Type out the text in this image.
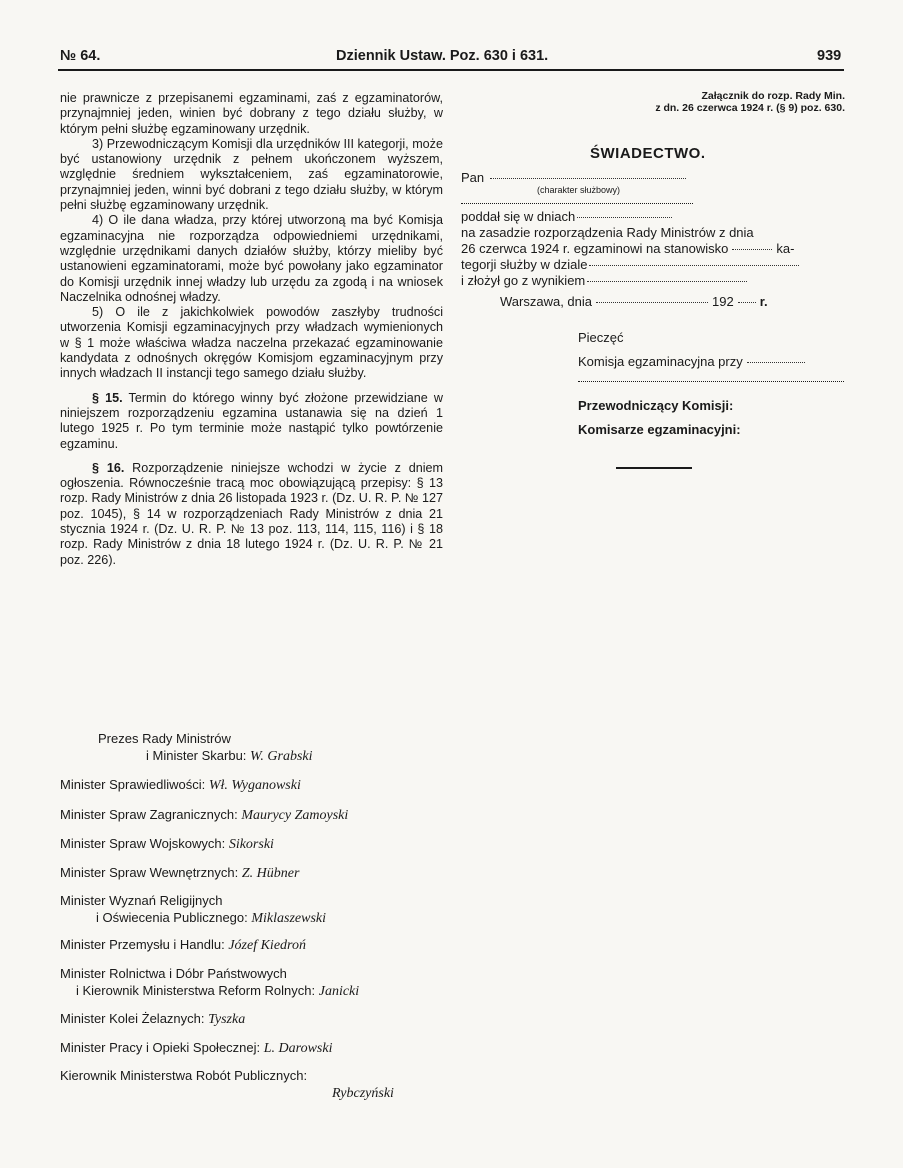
№ 64.	Dziennik Ustaw. Poz. 630 i 631.	939

nie prawnicze z przepisanemi egzaminami, zaś z egzaminatorów, przynajmniej jeden, winien być dobrany z tego działu służby, w którym pełni służbę egzaminowany urzędnik.

3) Przewodniczącym Komisji dla urzędników III kategorji, może być ustanowiony urzędnik z pełnem ukończonem wyższem, względnie średniem wykształceniem, zaś egzaminatorowie, przynajmniej jeden, winni być dobrani z tego działu służby, w którym pełni służbę egzaminowany urzędnik.

4) O ile dana władza, przy której utworzoną ma być Komisja egzaminacyjna nie rozporządza odpowiedniemi urzędnikami, względnie urzędnikami danych działów służby, którzy mieliby być ustanowieni egzaminatorami, może być powołany jako egzaminator do Komisji urzędnik innej władzy lub urzędu za zgodą i na wniosek Naczelnika odnośnej władzy.

5) O ile z jakichkolwiek powodów zaszłyby trudności utworzenia Komisji egzaminacyjnych przy władzach wymienionych w § 1 może właściwa władza naczelna przekazać egzaminowanie kandydata z odnośnych okręgów Komisjom egzaminacyjnym przy innych władzach II instancji tego samego działu służby.

§ 15. Termin do którego winny być złożone przewidziane w niniejszem rozporządzeniu egzamina ustanawia się na dzień 1 lutego 1925 r. Po tym terminie może nastąpić tylko powtórzenie egzaminu.

§ 16. Rozporządzenie niniejsze wchodzi w życie z dniem ogłoszenia. Równocześnie tracą moc obowiązującą przepisy: § 13 rozp. Rady Ministrów z dnia 26 listopada 1923 r. (Dz. U. R. P. № 127 poz. 1045), § 14 w rozporządzeniach Rady Ministrów z dnia 21 stycznia 1924 r. (Dz. U. R. P. № 13 poz. 113, 114, 115, 116) i § 18 rozp. Rady Ministrów z dnia 18 lutego 1924 r. (Dz. U. R. P. № 21 poz. 226).

Prezes Rady Ministrów
i Minister Skarbu: W. Grabski
Minister Sprawiedliwości: Wł. Wyganowski
Minister Spraw Zagranicznych: Maurycy Zamoyski
Minister Spraw Wojskowych: Sikorski
Minister Spraw Wewnętrznych: Z. Hübner
Minister Wyznań Religijnych
i Oświecenia Publicznego: Miklaszewski
Minister Przemysłu i Handlu: Józef Kiedroń
Minister Rolnictwa i Dóbr Państwowych
i Kierownik Ministerstwa Reform Rolnych: Janicki
Minister Kolei Żelaznych: Tyszka
Minister Pracy i Opieki Społecznej: L. Darowski
Kierownik Ministerstwa Robót Publicznych:
Rybczyński
Załącznik do rozp. Rady Min.
z dn. 26 czerwca 1924 r. (§ 9) poz. 630.
ŚWIADECTWO.
Pan
(charakter służbowy)
poddał się w dniach
na zasadzie rozporządzenia Rady Ministrów z dnia
26 czerwca 1924 r. egzaminowi na stanowisko	ka-
tegorji służby w dziale
i złożył go z wynikiem
Warszawa, dnia	192 r.
Pieczęć
Komisja egzaminacyjna przy
Przewodniczący Komisji:
Komisarze egzaminacyjni:
